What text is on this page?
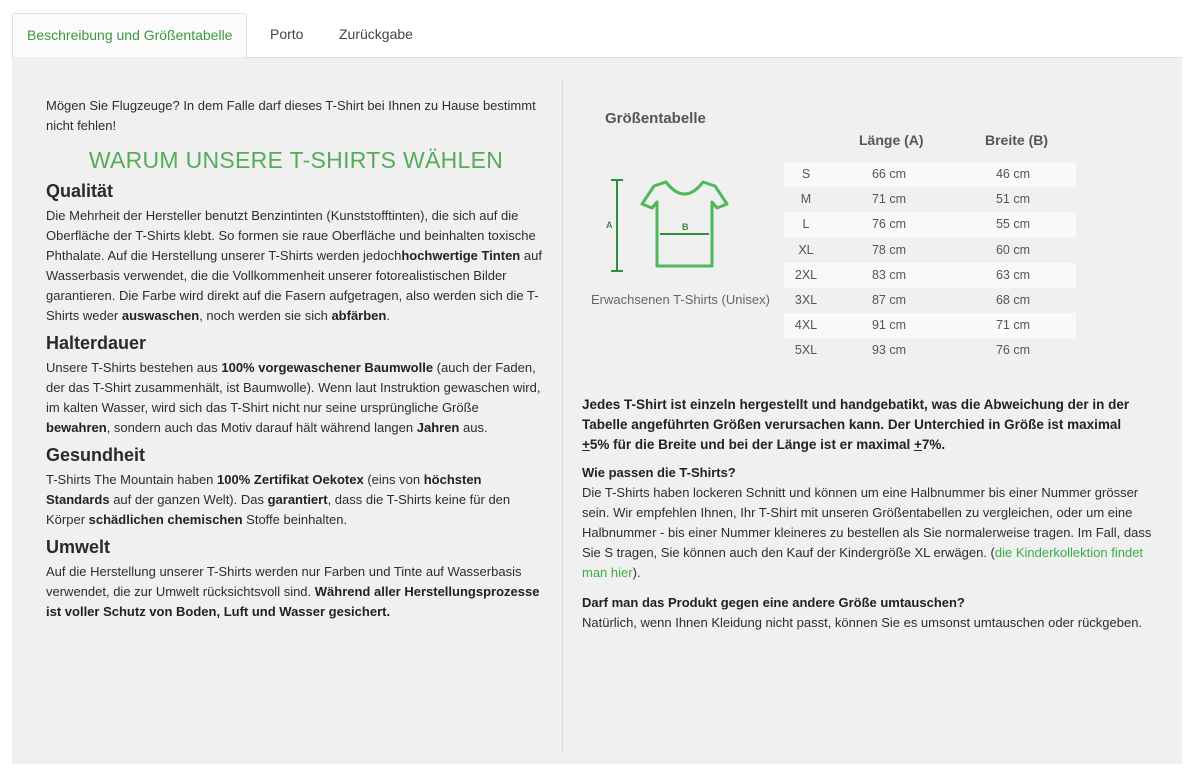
Beschreibung und Größentabelle	Porto	Zurückgabe

Mögen Sie Flugzeuge? In dem Falle darf dieses T-Shirt bei Ihnen zu Hause bestimmt nicht fehlen!

WARUM UNSERE T-SHIRTS WÄHLEN

Qualität

Die Mehrheit der Hersteller benutzt Benzintinten (Kunststofftinten), die sich auf die Oberfläche der T-Shirts klebt. So formen sie raue Oberfläche und beinhalten toxische Phthalate. Auf die Herstellung unserer T-Shirts werden jedochhochwertige Tinten auf Wasserbasis verwendet, die die Vollkommenheit unserer fotorealistischen Bilder garantieren. Die Farbe wird direkt auf die Fasern aufgetragen, also werden sich die T-Shirts weder auswaschen, noch werden sie sich abfärben.

Halterdauer

Unsere T-Shirts bestehen aus 100% vorgewaschener Baumwolle (auch der Faden, der das T-Shirt zusammenhält, ist Baumwolle). Wenn laut Instruktion gewaschen wird, im kalten Wasser, wird sich das T-Shirt nicht nur seine ursprüngliche Größe bewahren, sondern auch das Motiv darauf hält während langen Jahren aus.

Gesundheit

T-Shirts The Mountain haben 100% Zertifikat Oekotex (eins von höchsten Standards auf der ganzen Welt). Das garantiert, dass die T-Shirts keine für den Körper schädlichen chemischen Stoffe beinhalten.

Umwelt

Auf die Herstellung unserer T-Shirts werden nur Farben und Tinte auf Wasserbasis verwendet, die zur Umwelt rücksichtsvoll sind. Während aller Herstellungsprozesse ist voller Schutz von Boden, Luft und Wasser gesichert.

Größentabelle
Länge (A)	Breite (B)
A	B
Erwachsenen T-Shirts (Unisex)
S	66 cm	46 cm
M	71 cm	51 cm
L	76 cm	55 cm
XL	78 cm	60 cm
2XL	83 cm	63 cm
3XL	87 cm	68 cm
4XL	91 cm	71 cm
5XL	93 cm	76 cm

Jedes T-Shirt ist einzeln hergestellt und handgebatikt, was die Abweichung der in der Tabelle angeführten Größen verursachen kann. Der Unterchied in Größe ist maximal +5% für die Breite und bei der Länge ist er maximal +7%.

Wie passen die T-Shirts?

Die T-Shirts haben lockeren Schnitt und können um eine Halbnummer bis einer Nummer grösser sein. Wir empfehlen Ihnen, Ihr T-Shirt mit unseren Größentabellen zu vergleichen, oder um eine Halbnummer - bis einer Nummer kleineres zu bestellen als Sie normalerweise tragen. Im Fall, dass Sie S tragen, Sie können auch den Kauf der Kindergröße XL erwägen. (die Kinderkollektion findet man hier).

Darf man das Produkt gegen eine andere Größe umtauschen?

Natürlich, wenn Ihnen Kleidung nicht passt, können Sie es umsonst umtauschen oder rückgeben.
